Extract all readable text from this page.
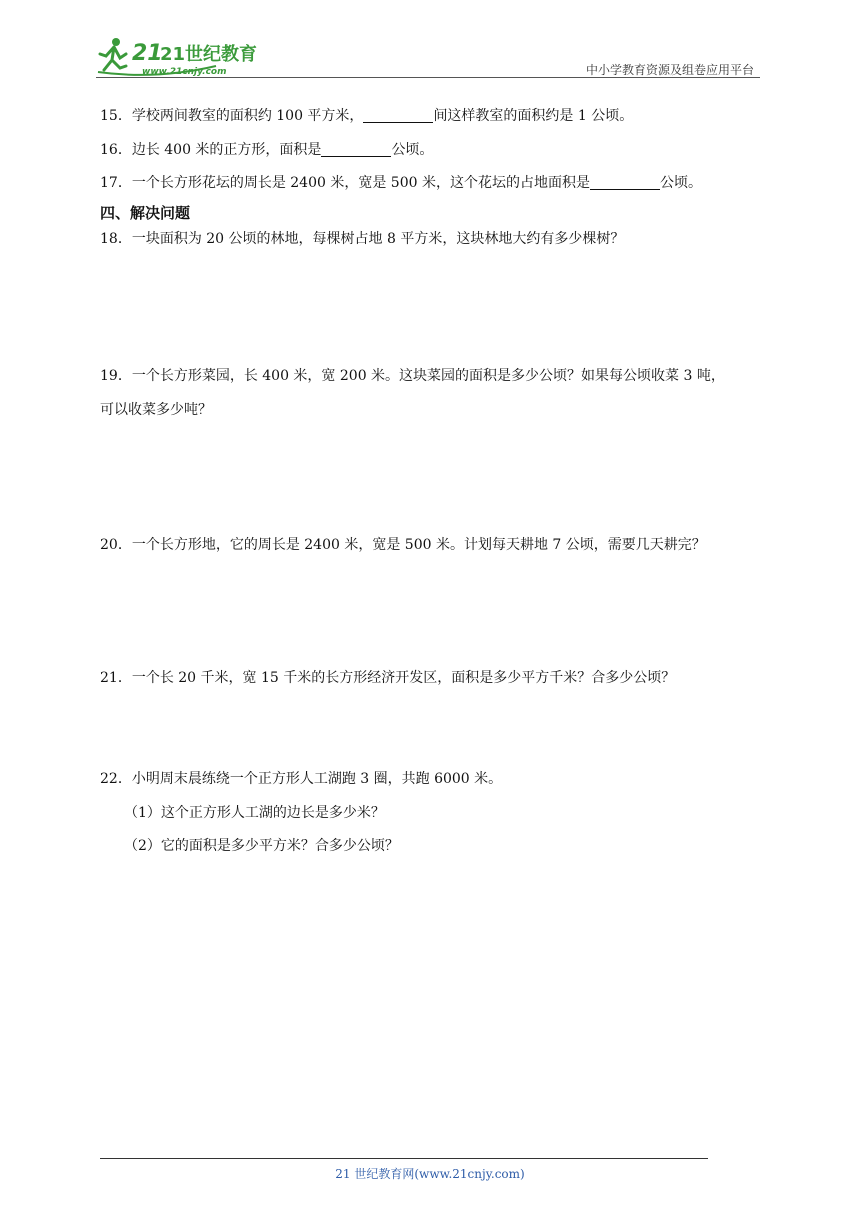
21
21世纪教育
www.21cnjy.com	中小学教育资源及组卷应用平台
15．学校两间教室的面积约 100 平方米，	间这样教室的面积约是 1 公顷。
16．边长 400 米的正方形，面积是	公顷。
17．一个长方形花坛的周长是 2400 米，宽是 500 米，这个花坛的占地面积是	公顷。
四、解决问题
18．一块面积为 20 公顷的林地，每棵树占地 8 平方米，这块林地大约有多少棵树？
19．一个长方形菜园，长 400 米，宽 200 米。这块菜园的面积是多少公顷？如果每公顷收菜 3 吨，
可以收菜多少吨？
20．一个长方形地，它的周长是 2400 米，宽是 500 米。计划每天耕地 7 公顷，需要几天耕完？
21．一个长 20 千米，宽 15 千米的长方形经济开发区，面积是多少平方千米？合多少公顷？
22．小明周末晨练绕一个正方形人工湖跑 3 圈，共跑 6000 米。
（1）这个正方形人工湖的边长是多少米？
（2）它的面积是多少平方米？合多少公顷？
21 世纪教育网(www.21cnjy.com)
